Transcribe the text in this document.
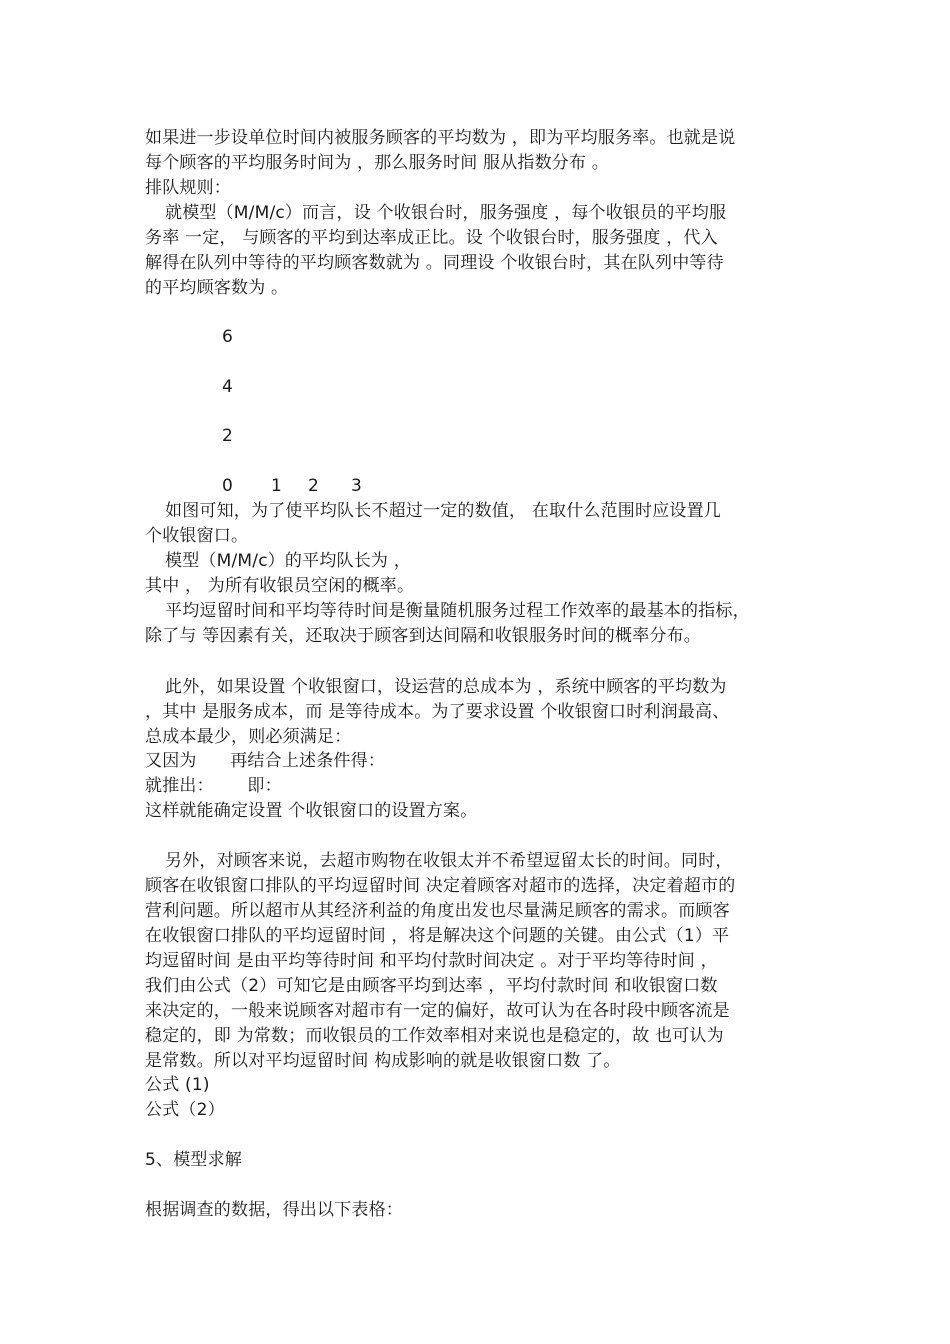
如果进一步设单位时间内被服务顾客的平均数为 ，即为平均服务率。也就是说
每个顾客的平均服务时间为 ，那么服务时间 服从指数分布 。
排队规则：
就模型（M/M/c）而言，设 个收银台时，服务强度 ，每个收银员的平均服
务率 一定， 与顾客的平均到达率成正比。设 个收银台时，服务强度 ，代入
解得在队列中等待的平均顾客数就为 。同理设 个收银台时，其在队列中等待
的平均顾客数为 。
6
4
2
0 1 2 3
如图可知，为了使平均队长不超过一定的数值， 在取什么范围时应设置几
个收银窗口。
模型（M/M/c）的平均队长为 ，
其中 ， 为所有收银员空闲的概率。
平均逗留时间和平均等待时间是衡量随机服务过程工作效率的最基本的指标，
除了与 等因素有关，还取决于顾客到达间隔和收银服务时间的概率分布。
此外，如果设置 个收银窗口，设运营的总成本为 ，系统中顾客的平均数为
，其中 是服务成本，而 是等待成本。为了要求设置 个收银窗口时利润最高、
总成本最少，则必须满足：
又因为      再结合上述条件得：
就推出：      即：
这样就能确定设置 个收银窗口的设置方案。
另外，对顾客来说，去超市购物在收银太并不希望逗留太长的时间。同时，
顾客在收银窗口排队的平均逗留时间 决定着顾客对超市的选择，决定着超市的
营利问题。所以超市从其经济利益的角度出发也尽量满足顾客的需求。而顾客
在收银窗口排队的平均逗留时间 ，将是解决这个问题的关键。由公式（1）平
均逗留时间 是由平均等待时间 和平均付款时间决定 。对于平均等待时间 ，
我们由公式（2）可知它是由顾客平均到达率 ，平均付款时间 和收银窗口数
来决定的，一般来说顾客对超市有一定的偏好，故可认为在各时段中顾客流是
稳定的，即 为常数；而收银员的工作效率相对来说也是稳定的，故 也可认为
是常数。所以对平均逗留时间 构成影响的就是收银窗口数 了。
公式 (1)
公式（2）
5、模型求解
根据调查的数据，得出以下表格：
